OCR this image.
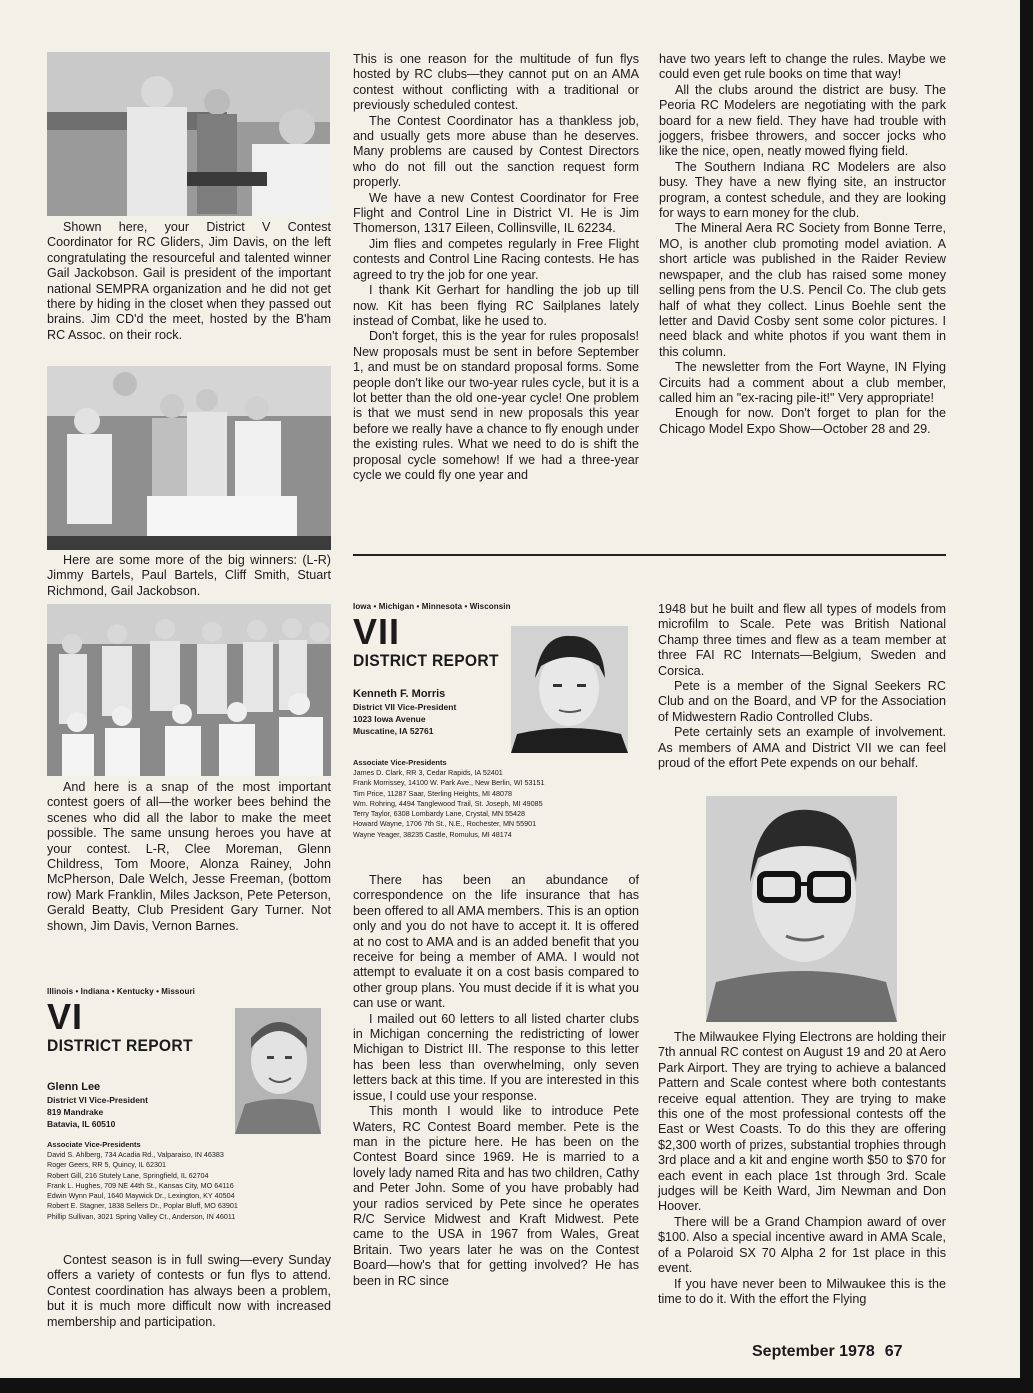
Shown here, your District V Contest Coordinator for RC Gliders, Jim Davis, on the left congratulating the resourceful and talented winner Gail Jackobson. Gail is president of the important national SEMPRA organization and he did not get there by hiding in the closet when they passed out brains. Jim CD'd the meet, hosted by the B'ham RC Assoc. on their rock.

Here are some more of the big winners: (L-R) Jimmy Bartels, Paul Bartels, Cliff Smith, Stuart Richmond, Gail Jackobson.

And here is a snap of the most important contest goers of all—the worker bees behind the scenes who did all the labor to make the meet possible. The same unsung heroes you have at your contest. L-R, Clee Moreman, Glenn Childress, Tom Moore, Alonza Rainey, John McPherson, Dale Welch, Jesse Freeman, (bottom row) Mark Franklin, Miles Jackson, Pete Peterson, Gerald Beatty, Club President Gary Turner. Not shown, Jim Davis, Vernon Barnes.

Illinois • Indiana • Kentucky • Missouri
VI
DISTRICT REPORT
Glenn Lee
District VI Vice-President
819 Mandrake
Batavia, IL 60510
Associate Vice-Presidents
David S. Ahlberg, 734 Acadia Rd., Valparaiso, IN 46383
Roger Geers, RR 5, Quincy, IL 62301
Robert Gill, 216 Stutely Lane, Springfield, IL 62704
Frank L. Hughes, 709 NE 44th St., Kansas City, MO 64116
Edwin Wynn Paul, 1640 Maywick Dr., Lexington, KY 40504
Robert E. Stagner, 1838 Sellers Dr., Poplar Bluff, MO 63901
Phillip Sullivan, 3021 Spring Valley Ct., Anderson, IN 46011

Contest season is in full swing—every Sunday offers a variety of contests or fun flys to attend. Contest coordination has always been a problem, but it is much more difficult now with increased membership and participation.

This is one reason for the multitude of fun flys hosted by RC clubs—they cannot put on an AMA contest without conflicting with a traditional or previously scheduled contest.

The Contest Coordinator has a thankless job, and usually gets more abuse than he deserves. Many problems are caused by Contest Directors who do not fill out the sanction request form properly.

We have a new Contest Coordinator for Free Flight and Control Line in District VI. He is Jim Thomerson, 1317 Eileen, Collinsville, IL 62234.

Jim flies and competes regularly in Free Flight contests and Control Line Racing contests. He has agreed to try the job for one year.

I thank Kit Gerhart for handling the job up till now. Kit has been flying RC Sailplanes lately instead of Combat, like he used to.

Don't forget, this is the year for rules proposals! New proposals must be sent in before September 1, and must be on standard proposal forms. Some people don't like our two-year rules cycle, but it is a lot better than the old one-year cycle! One problem is that we must send in new proposals this year before we really have a chance to fly enough under the existing rules. What we need to do is shift the proposal cycle somehow! If we had a three-year cycle we could fly one year and

have two years left to change the rules. Maybe we could even get rule books on time that way!

All the clubs around the district are busy. The Peoria RC Modelers are negotiating with the park board for a new field. They have had trouble with joggers, frisbee throwers, and soccer jocks who like the nice, open, neatly mowed flying field.

The Southern Indiana RC Modelers are also busy. They have a new flying site, an instructor program, a contest schedule, and they are looking for ways to earn money for the club.

The Mineral Aera RC Society from Bonne Terre, MO, is another club promoting model aviation. A short article was published in the Raider Review newspaper, and the club has raised some money selling pens from the U.S. Pencil Co. The club gets half of what they collect. Linus Boehle sent the letter and David Cosby sent some color pictures. I need black and white photos if you want them in this column.

The newsletter from the Fort Wayne, IN Flying Circuits had a comment about a club member, called him an "ex-racing pile-it!" Very appropriate!

Enough for now. Don't forget to plan for the Chicago Model Expo Show—October 28 and 29.

Iowa • Michigan • Minnesota • Wisconsin
VII
DISTRICT REPORT
Kenneth F. Morris
District VII Vice-President
1023 Iowa Avenue
Muscatine, IA 52761
Associate Vice-Presidents
James D. Clark, RR 3, Cedar Rapids, IA 52401
Frank Morrissey, 14100 W. Park Ave., New Berlin, WI 53151
Tim Price, 11287 Saar, Sterling Heights, MI 48078
Wm. Rohring, 4494 Tanglewood Trail, St. Joseph, MI 49085
Terry Taylor, 6308 Lombardy Lane, Crystal, MN 55428
Howard Wayne, 1706 7th St., N.E., Rochester, MN 55901
Wayne Yeager, 38235 Castle, Romulus, MI 48174

There has been an abundance of correspondence on the life insurance that has been offered to all AMA members. This is an option only and you do not have to accept it. It is offered at no cost to AMA and is an added benefit that you receive for being a member of AMA. I would not attempt to evaluate it on a cost basis compared to other group plans. You must decide if it is what you can use or want.

I mailed out 60 letters to all listed charter clubs in Michigan concerning the redistricting of lower Michigan to District III. The response to this letter has been less than overwhelming, only seven letters back at this time. If you are interested in this issue, I could use your response.

This month I would like to introduce Pete Waters, RC Contest Board member. Pete is the man in the picture here. He has been on the Contest Board since 1969. He is married to a lovely lady named Rita and has two children, Cathy and Peter John. Some of you have probably had your radios serviced by Pete since he operates R/C Service Midwest and Kraft Midwest. Pete came to the USA in 1967 from Wales, Great Britain. Two years later he was on the Contest Board—how's that for getting involved? He has been in RC since

1948 but he built and flew all types of models from microfilm to Scale. Pete was British National Champ three times and flew as a team member at three FAI RC Internats—Belgium, Sweden and Corsica.

Pete is a member of the Signal Seekers RC Club and on the Board, and VP for the Association of Midwestern Radio Controlled Clubs.

Pete certainly sets an example of involvement. As members of AMA and District VII we can feel proud of the effort Pete expends on our behalf.

The Milwaukee Flying Electrons are holding their 7th annual RC contest on August 19 and 20 at Aero Park Airport. They are trying to achieve a balanced Pattern and Scale contest where both contestants receive equal attention. They are trying to make this one of the most professional contests off the East or West Coasts. To do this they are offering $2,300 worth of prizes, substantial trophies through 3rd place and a kit and engine worth $50 to $70 for each event in each place 1st through 3rd. Scale judges will be Keith Ward, Jim Newman and Don Hoover.

There will be a Grand Champion award of over $100. Also a special incentive award in AMA Scale, of a Polaroid SX 70 Alpha 2 for 1st place in this event.

If you have never been to Milwaukee this is the time to do it. With the effort the Flying

September 1978 67
